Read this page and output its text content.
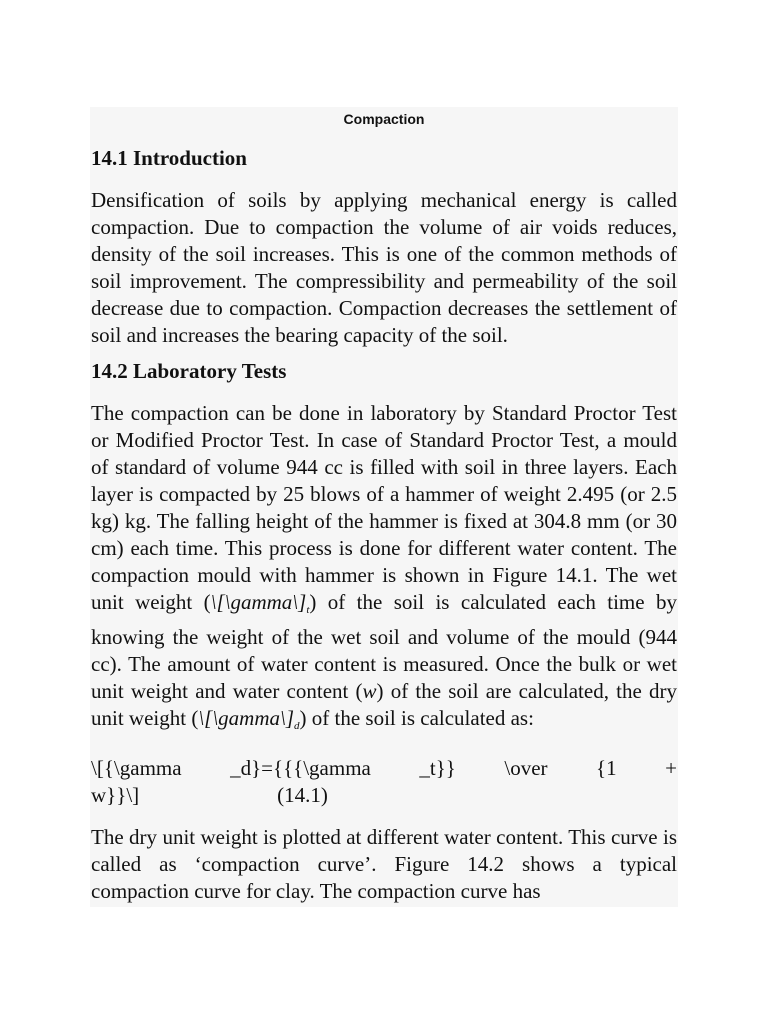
Compaction
14.1 Introduction

Densification of soils by applying mechanical energy is called compaction. Due to compaction the volume of air voids reduces, density of the soil increases. This is one of the common methods of soil improvement. The compressibility and permeability of the soil decrease due to compaction. Compaction decreases the settlement of soil and increases the bearing capacity of the soil.

14.2 Laboratory Tests

The compaction can be done in laboratory by Standard Proctor Test or Modified Proctor Test. In case of Standard Proctor Test, a mould of standard of volume 944 cc is filled with soil in three layers. Each layer is compacted by 25 blows of a hammer of weight 2.495 (or 2.5 kg) kg. The falling height of the hammer is fixed at 304.8 mm (or 30 cm) each time. This process is done for different water content. The compaction mould with hammer is shown in Figure 14.1. The wet unit weight $(\backslash[\backslash gamma\backslash]_t)$ of the soil is calculated each time by knowing the weight of the wet soil and volume of the mould (944 cc). The amount of water content is measured. Once the bulk or wet unit weight and water content (w) of the soil are calculated, the dry unit weight $(\backslash[\backslash gamma\backslash]_d)$ of the soil is calculated as:

\[{\gamma _d}={{{\gamma _t}} \over {1 +
w}}\]	(14.1)

The dry unit weight is plotted at different water content. This curve is called as ‘compaction curve’. Figure 14.2 shows a typical compaction curve for clay. The compaction curve has
